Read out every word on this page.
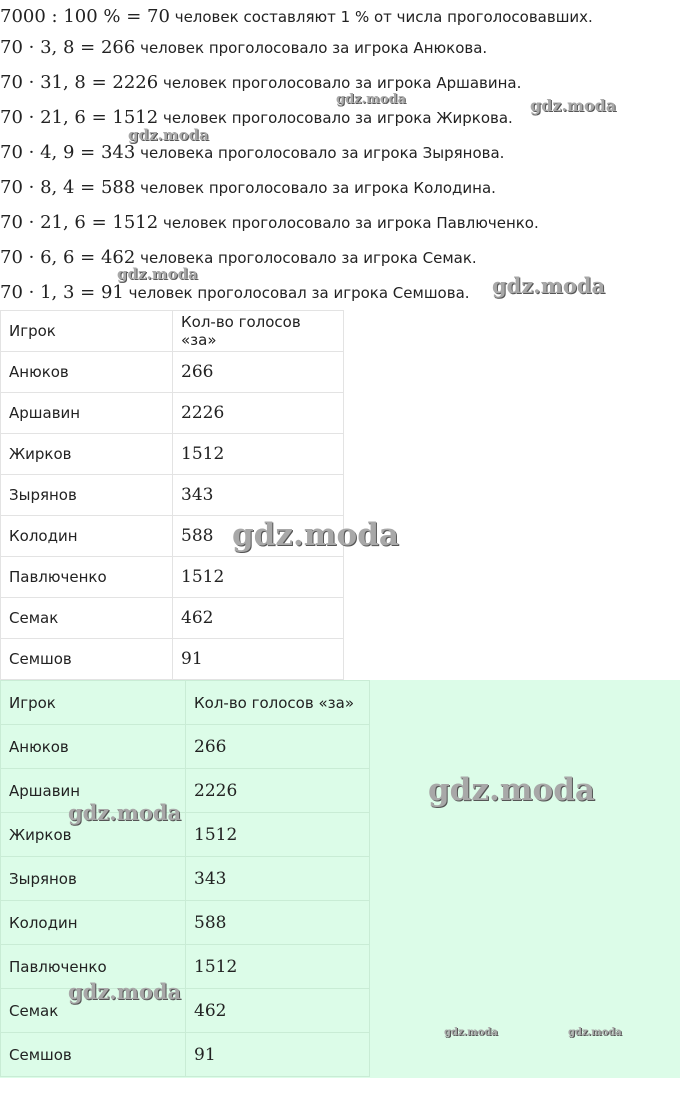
7000 : 100 % = 70 человек составляют 1 % от числа проголосовавших.
70 · 3, 8 = 266 человек проголосовало за игрока Анюкова.
70 · 31, 8 = 2226 человек проголосовало за игрока Аршавина.
70 · 21, 6 = 1512 человек проголосовало за игрока Жиркова.
70 · 4, 9 = 343 человека проголосовало за игрока Зырянова.
70 · 8, 4 = 588 человек проголосовало за игрока Колодина.
70 · 21, 6 = 1512 человек проголосовало за игрока Павлюченко.
70 · 6, 6 = 462 человека проголосовало за игрока Семак.
70 · 1, 3 = 91 человек проголосовал за игрока Семшова.
Игрок	Кол-во голосов «за»
Анюков	266
Аршавин	2226
Жирков	1512
Зырянов	343
Колодин	588
Павлюченко	1512
Семак	462
Семшов	91
Игрок	Кол-во голосов «за»
Анюков	266
Аршавин	2226
Жирков	1512
Зырянов	343
Колодин	588
Павлюченко	1512
Семак	462
Семшов	91
gdz.moda	gdz.moda
gdz.moda
gdz.moda	gdz.moda
gdz.moda
gdz.moda
gdz.moda
gdz.moda
gdz.moda	gdz.moda
